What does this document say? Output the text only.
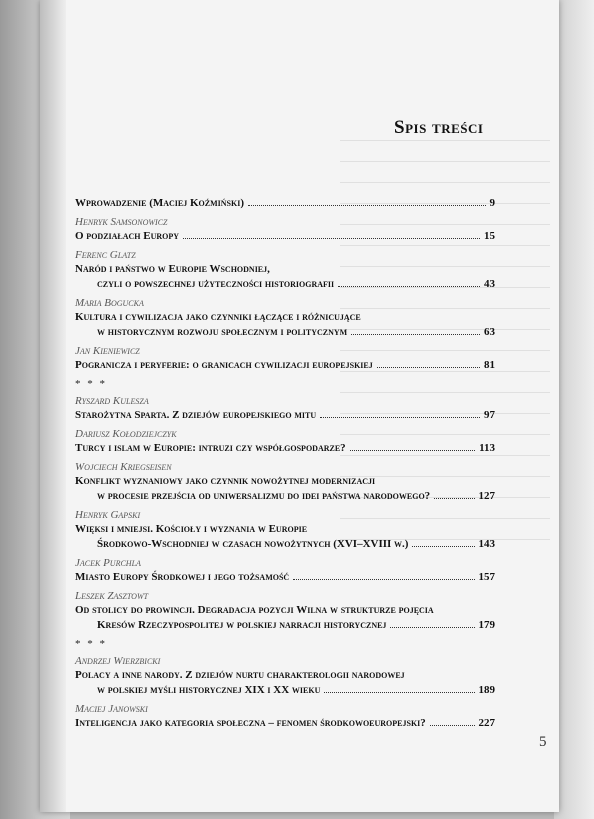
Spis treści
Wprowadzenie (Maciej Koźmiński)	9
Henryk Samsonowicz
O podziałach Europy	15
Ferenc Glatz
Naród i państwo w Europie Wschodniej,
czyli o powszechnej użyteczności historiografii	43
Maria Bogucka
Kultura i cywilizacja jako czynniki łączące i różnicujące
w historycznym rozwoju społecznym i politycznym	63
Jan Kieniewicz
Pogranicza i peryferie: o granicach cywilizacji europejskiej	81
* * *
Ryszard Kulesza
Starożytna Sparta. Z dziejów europejskiego mitu	97
Dariusz Kołodziejczyk
Turcy i islam w Europie: intruzi czy współgospodarze?	113
Wojciech Kriegseisen
Konflikt wyznaniowy jako czynnik nowożytnej modernizacji
w procesie przejścia od uniwersalizmu do idei państwa narodowego?	127
Henryk Gapski
Więksi i mniejsi. Kościoły i wyznania w Europie
Środkowo-Wschodniej w czasach nowożytnych (XVI–XVIII w.)	143
Jacek Purchla
Miasto Europy Środkowej i jego tożsamość	157
Leszek Zasztowt
Od stolicy do prowincji. Degradacja pozycji Wilna w strukturze pojęcia
Kresów Rzeczypospolitej w polskiej narracji historycznej	179
* * *
Andrzej Wierzbicki
Polacy a inne narody. Z dziejów nurtu charakterologii narodowej
w polskiej myśli historycznej XIX i XX wieku	189
Maciej Janowski
Inteligencja jako kategoria społeczna – fenomen środkowoeuropejski?	227
5
